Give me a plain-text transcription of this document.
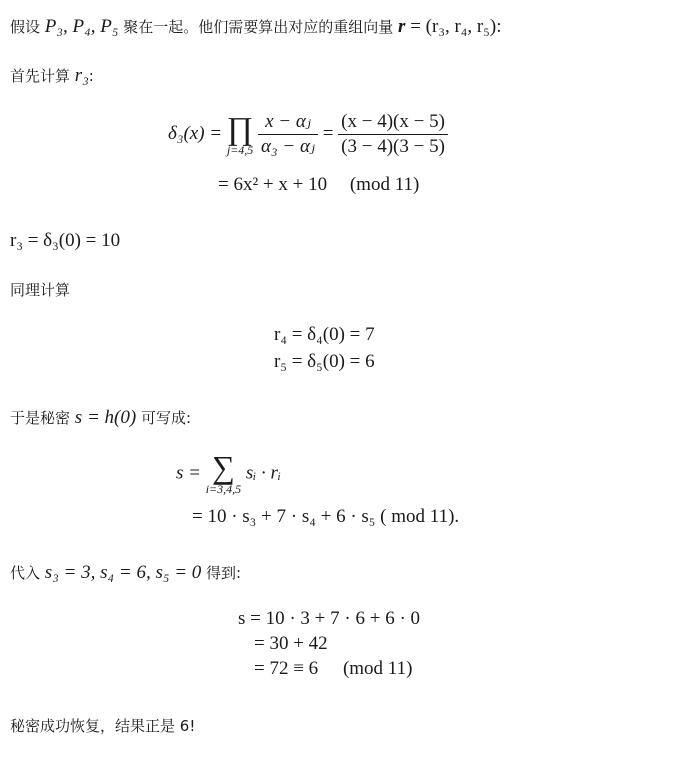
假设 P₃, P₄, P₅ 聚在一起。他们需要算出对应的重组向量 r = (r₃, r₄, r₅):
首先计算 r₃:
δ₃(x) = ∏
j=4,5
$\frac{\text{x − αⱼ}}{\text{α₃ − αⱼ}} = \frac{(x - 4)(x - 5)}{(3 - 4)(3 - 5)}$
= 6x² + x + 10 (mod 11)
r₃ = δ₃(0) = 10
同理计算
r₄ = δ₄(0) = 7
r₅ = δ₅(0) = 6
于是秘密 s = h(0) 可写成:
s = ∑
i=3,4,5
sᵢ · rᵢ
= 10 · s₃ + 7 · s₄ + 6 · s₅ ( mod 11).
代入 s₃ = 3, s₄ = 6, s₅ = 0 得到:
s = 10 · 3 + 7 · 6 + 6 · 0
= 30 + 42
= 72 ≡ 6 (mod 11)
秘密成功恢复，结果正是 6!
